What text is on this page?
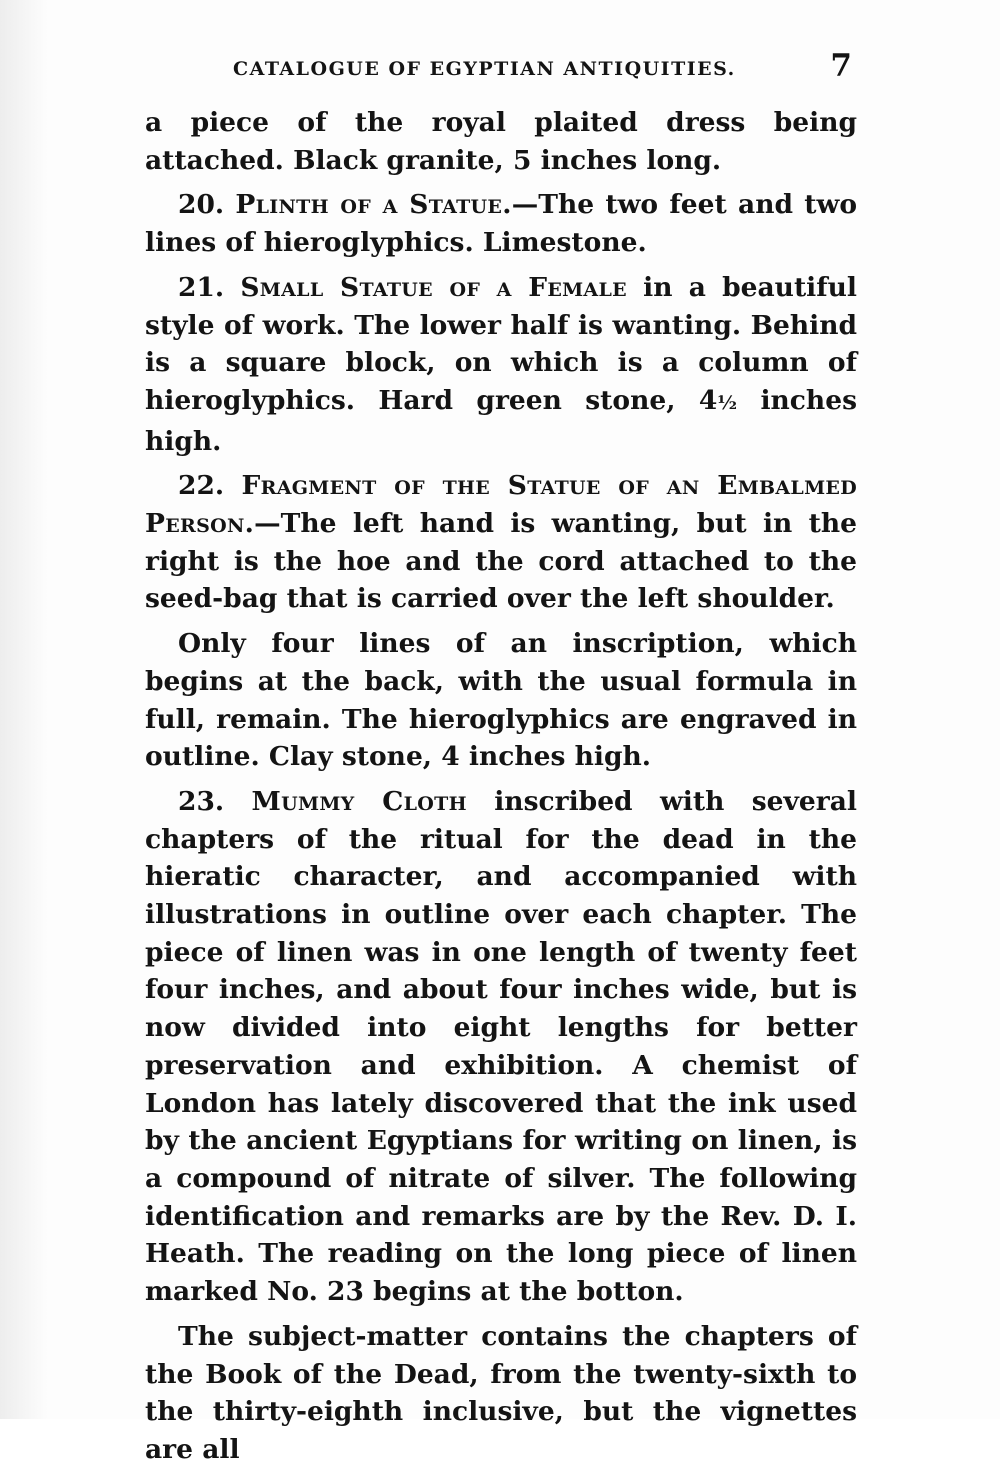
CATALOGUE OF EGYPTIAN ANTIQUITIES.	7

a piece of the royal plaited dress being attached. Black granite, 5 inches long.

20. Plinth of a Statue.—The two feet and two lines of hieroglyphics. Limestone.

21. Small Statue of a Female in a beautiful style of work. The lower half is wanting. Behind is a square block, on which is a column of hieroglyphics. Hard green stone, 4½ inches high.

22. Fragment of the Statue of an Embalmed Person.—The left hand is wanting, but in the right is the hoe and the cord attached to the seed-bag that is carried over the left shoulder.

Only four lines of an inscription, which begins at the back, with the usual formula in full, remain. The hieroglyphics are engraved in outline. Clay stone, 4 inches high.

23. Mummy Cloth inscribed with several chapters of the ritual for the dead in the hieratic character, and accompanied with illustrations in outline over each chapter. The piece of linen was in one length of twenty feet four inches, and about four inches wide, but is now divided into eight lengths for better preservation and exhibition. A chemist of London has lately discovered that the ink used by the ancient Egyptians for writing on linen, is a compound of nitrate of silver. The following identification and remarks are by the Rev. D. I. Heath. The reading on the long piece of linen marked No. 23 begins at the botton.

The subject-matter contains the chapters of the Book of the Dead, from the twenty-sixth to the thirty-eighth inclusive, but the vignettes are all
